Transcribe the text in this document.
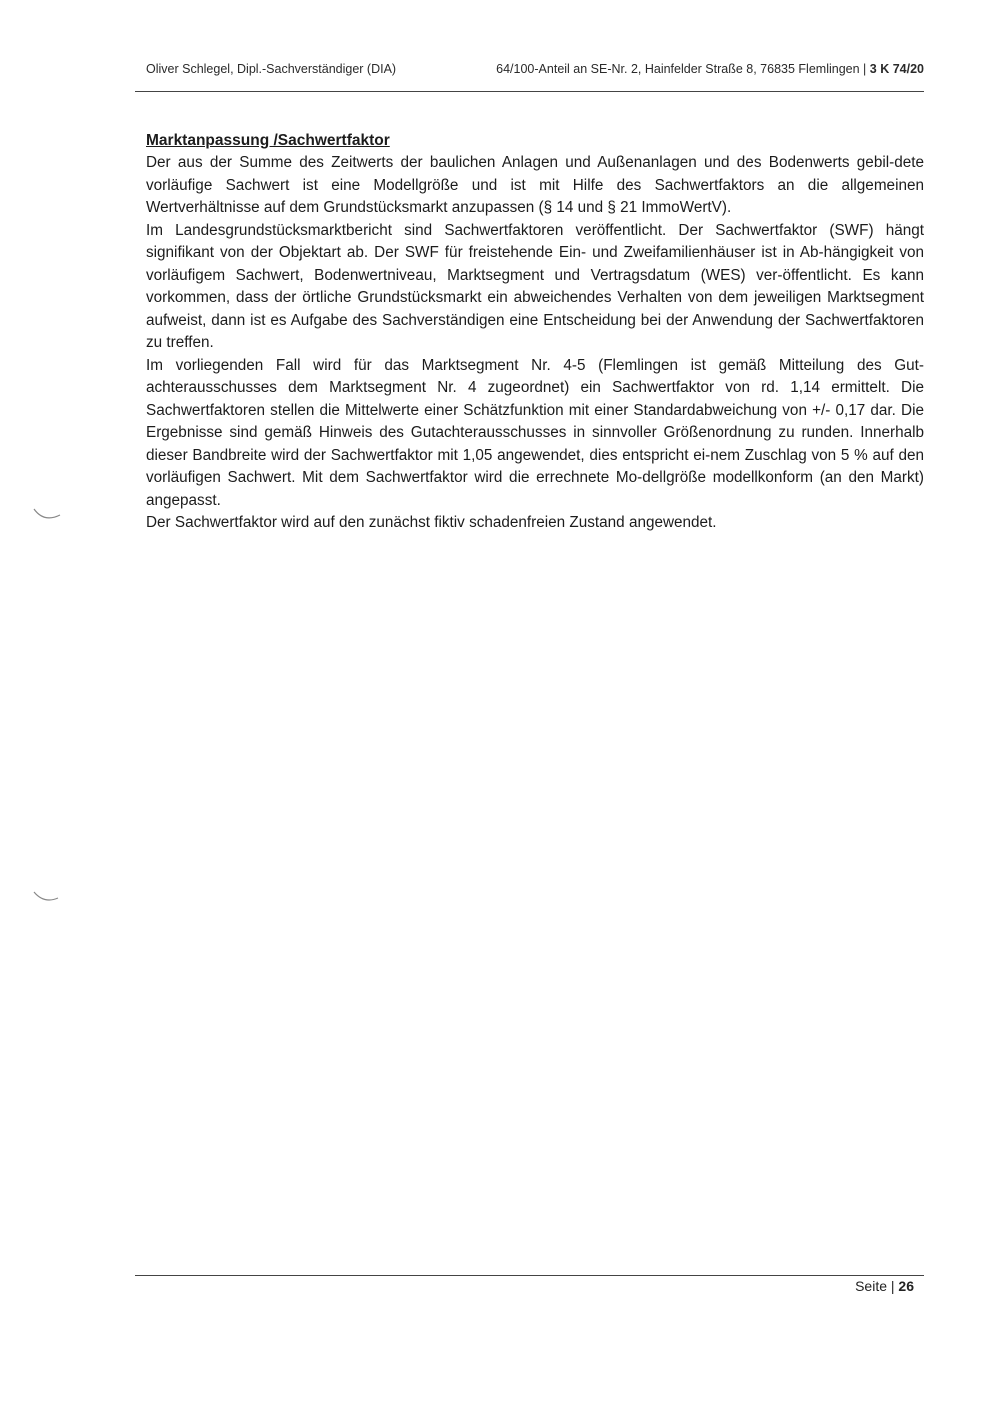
Oliver Schlegel, Dipl.-Sachverständiger (DIA)	64/100-Anteil an SE-Nr. 2, Hainfelder Straße 8, 76835 Flemlingen | 3 K 74/20

Marktanpassung /Sachwertfaktor

Der aus der Summe des Zeitwerts der baulichen Anlagen und Außenanlagen und des Bodenwerts gebil-dete vorläufige Sachwert ist eine Modellgröße und ist mit Hilfe des Sachwertfaktors an die allgemeinen Wertverhältnisse auf dem Grundstücksmarkt anzupassen (§ 14 und § 21 ImmoWertV).

Im Landesgrundstücksmarktbericht sind Sachwertfaktoren veröffentlicht. Der Sachwertfaktor (SWF) hängt signifikant von der Objektart ab. Der SWF für freistehende Ein- und Zweifamilienhäuser ist in Ab-hängigkeit von vorläufigem Sachwert, Bodenwertniveau, Marktsegment und Vertragsdatum (WES) ver-öffentlicht. Es kann vorkommen, dass der örtliche Grundstücksmarkt ein abweichendes Verhalten von dem jeweiligen Marktsegment aufweist, dann ist es Aufgabe des Sachverständigen eine Entscheidung bei der Anwendung der Sachwertfaktoren zu treffen.

Im vorliegenden Fall wird für das Marktsegment Nr. 4-5 (Flemlingen ist gemäß Mitteilung des Gut-achterausschusses dem Marktsegment Nr. 4 zugeordnet) ein Sachwertfaktor von rd. 1,14 ermittelt. Die Sachwertfaktoren stellen die Mittelwerte einer Schätzfunktion mit einer Standardabweichung von +/- 0,17 dar. Die Ergebnisse sind gemäß Hinweis des Gutachterausschusses in sinnvoller Größenordnung zu runden. Innerhalb dieser Bandbreite wird der Sachwertfaktor mit 1,05 angewendet, dies entspricht ei-nem Zuschlag von 5 % auf den vorläufigen Sachwert. Mit dem Sachwertfaktor wird die errechnete Mo-dellgröße modellkonform (an den Markt) angepasst.

Der Sachwertfaktor wird auf den zunächst fiktiv schadenfreien Zustand angewendet.

Seite | 26
